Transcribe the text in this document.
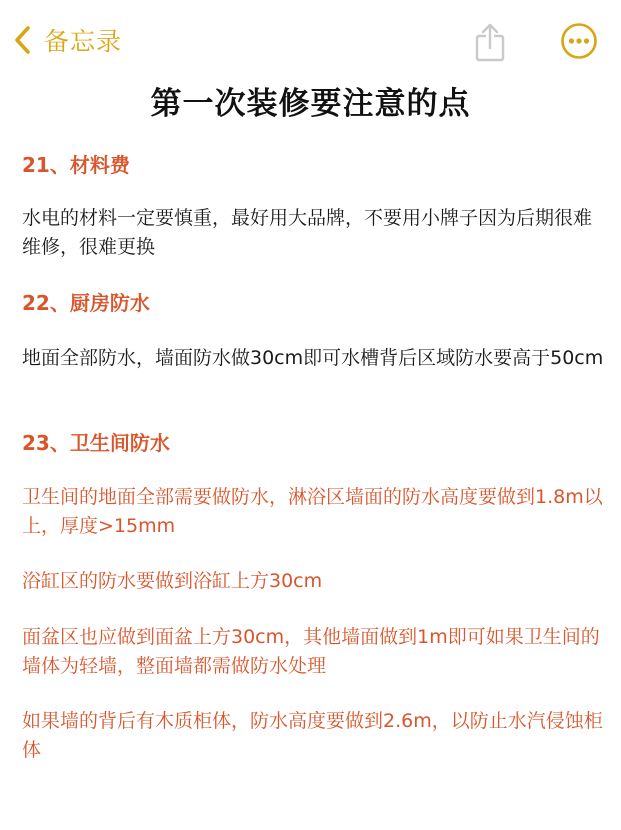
备忘录
第一次装修要注意的点
21、材料费
水电的材料一定要慎重，最好用大品牌，不要用小牌子因为后期很难维修，很难更换
22、厨房防水
地面全部防水，墙面防水做30cm即可水槽背后区域防水要高于50cm
23、卫生间防水
卫生间的地面全部需要做防水，淋浴区墙面的防水高度要做到1.8m以上，厚度>15mm
浴缸区的防水要做到浴缸上方30cm
面盆区也应做到面盆上方30cm，其他墙面做到1m即可如果卫生间的墙体为轻墙，整面墙都需做防水处理
如果墙的背后有木质柜体，防水高度要做到2.6m，以防止水汽侵蚀柜体
